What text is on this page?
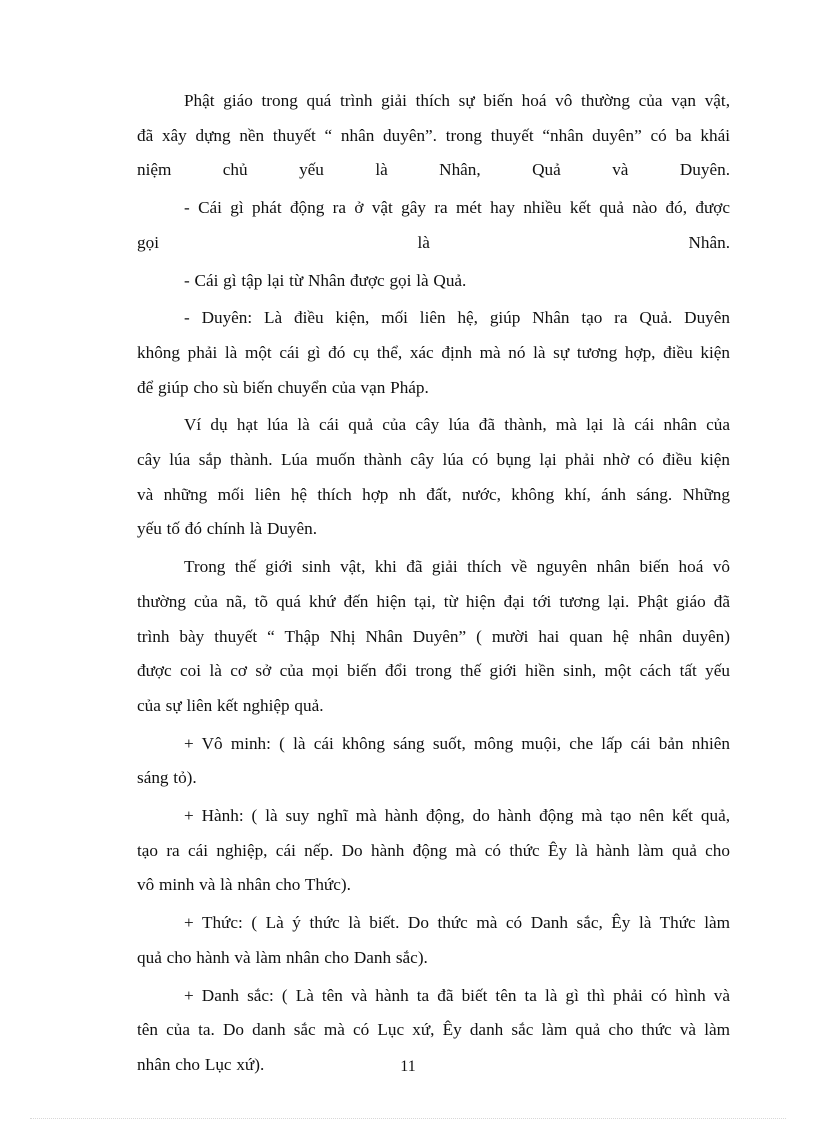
Phật giáo trong quá trình giải thích sự biến hoá vô thường của vạn vật,
đã xây dựng nền thuyết “ nhân duyên”. trong thuyết “nhân duyên” có ba khái
niệm chủ yếu là Nhân, Quả và Duyên.

- Cái gì phát động ra ở vật gây ra mét hay nhiều kết quả nào đó, được
gọi là Nhân.

- Cái gì tập lại từ Nhân được gọi là Quả.

- Duyên: Là điều kiện, mối liên hệ, giúp Nhân tạo ra Quả. Duyên
không phải là một cái gì đó cụ thể, xác định mà nó là sự tương hợp, điều kiện
để giúp cho sù biến chuyển của vạn Pháp.

Ví dụ hạt lúa là cái quả của cây lúa đã thành, mà lại là cái nhân của
cây lúa sắp thành. Lúa muốn thành cây lúa có bụng lại phải nhờ có điều kiện
và những mối liên hệ thích hợp nh đất, nước, không khí, ánh sáng. Những
yếu tố đó chính là Duyên.

Trong thế giới sinh vật, khi đã giải thích về nguyên nhân biến hoá vô
thường của nã, tõ quá khứ đến hiện tại, từ hiện đại tới tương lại. Phật giáo đã
trình bày thuyết “ Thập Nhị Nhân Duyên” ( mười hai quan hệ nhân duyên)
được coi là cơ sở của mọi biến đổi trong thế giới hiền sinh, một cách tất yếu
của sự liên kết nghiệp quả.

+ Vô minh: ( là cái không sáng suốt, mông muội, che lấp cái bản nhiên
sáng tỏ).

+ Hành: ( là suy nghĩ mà hành động, do hành động mà tạo nên kết quả,
tạo ra cái nghiệp, cái nếp. Do hành động mà có thức Êy là hành làm quả cho
vô minh và là nhân cho Thức).

+ Thức: ( Là ý thức là biết. Do thức mà có Danh sắc, Êy là Thức làm
quả cho hành và làm nhân cho Danh sắc).

+ Danh sắc: ( Là tên và hành ta đã biết tên ta là gì thì phải có hình và
tên của ta. Do danh sắc mà có Lục xứ, Êy danh sắc làm quả cho thức và làm
nhân cho Lục xứ).	11
